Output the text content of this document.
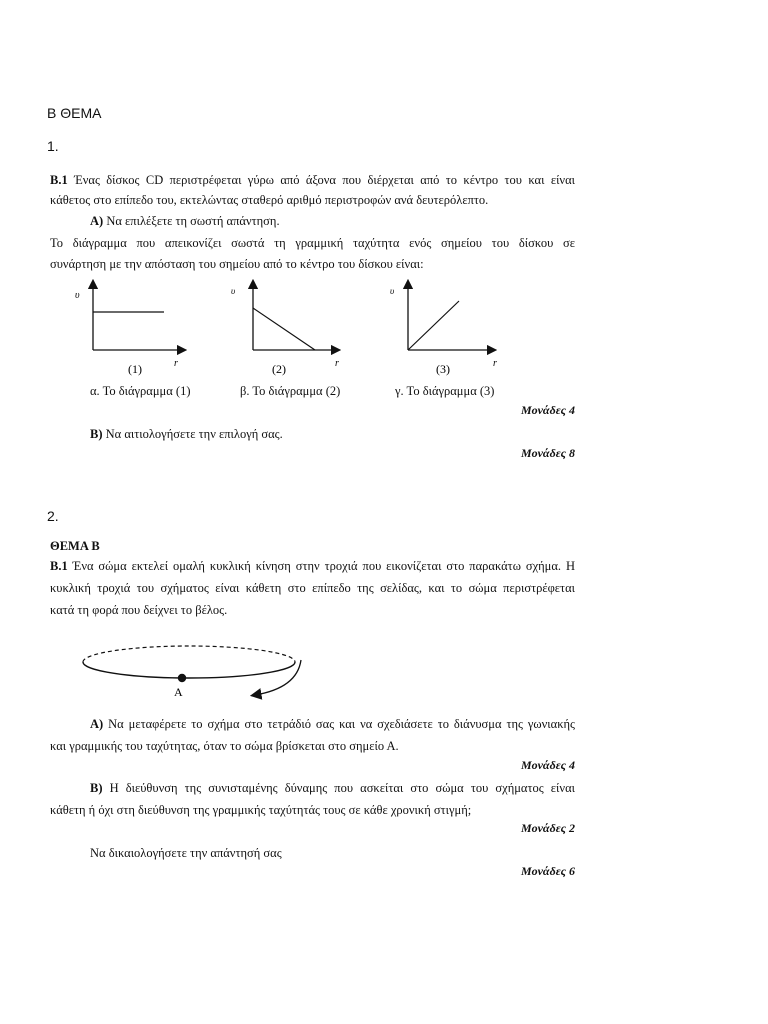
Β ΘΕΜΑ
1.
Β.1 Ένας δίσκος CD περιστρέφεται γύρω από άξονα που διέρχεται από το κέντρο του και είναι
κάθετος στο επίπεδο του, εκτελώντας σταθερό αριθμό περιστροφών ανά δευτερόλεπτο.
Α) Να επιλέξετε τη σωστή απάντηση.
Το διάγραμμα που απεικονίζει σωστά τη γραμμική ταχύτητα ενός σημείου του δίσκου σε
συνάρτηση με την απόσταση του σημείου από το κέντρο του δίσκου είναι:
υ
r
(1)
υ
r
(2)
υ
r
(3)
α. Το διάγραμμα (1)	β. Το διάγραμμα (2)	γ. Το διάγραμμα (3)
Μονάδες 4
Β) Να αιτιολογήσετε την επιλογή σας.
Μονάδες 8
2.
ΘΕΜΑ Β
Β.1 Ένα σώμα εκτελεί ομαλή κυκλική κίνηση στην τροχιά που εικονίζεται στο παρακάτω σχήμα. Η
κυκλική τροχιά του σχήματος είναι κάθετη στο επίπεδο της σελίδας, και το σώμα περιστρέφεται
κατά τη φορά που δείχνει το βέλος.
Α
Α) Να μεταφέρετε το σχήμα στο τετράδιό σας και να σχεδιάσετε το διάνυσμα της γωνιακής
και γραμμικής του ταχύτητας, όταν το σώμα βρίσκεται στο σημείο Α.
Μονάδες 4
Β) Η διεύθυνση της συνισταμένης δύναμης που ασκείται στο σώμα του σχήματος είναι
κάθετη ή όχι στη διεύθυνση της γραμμικής ταχύτητάς τους σε κάθε χρονική στιγμή;
Μονάδες 2
Να δικαιολογήσετε την απάντησή σας
Μονάδες 6
